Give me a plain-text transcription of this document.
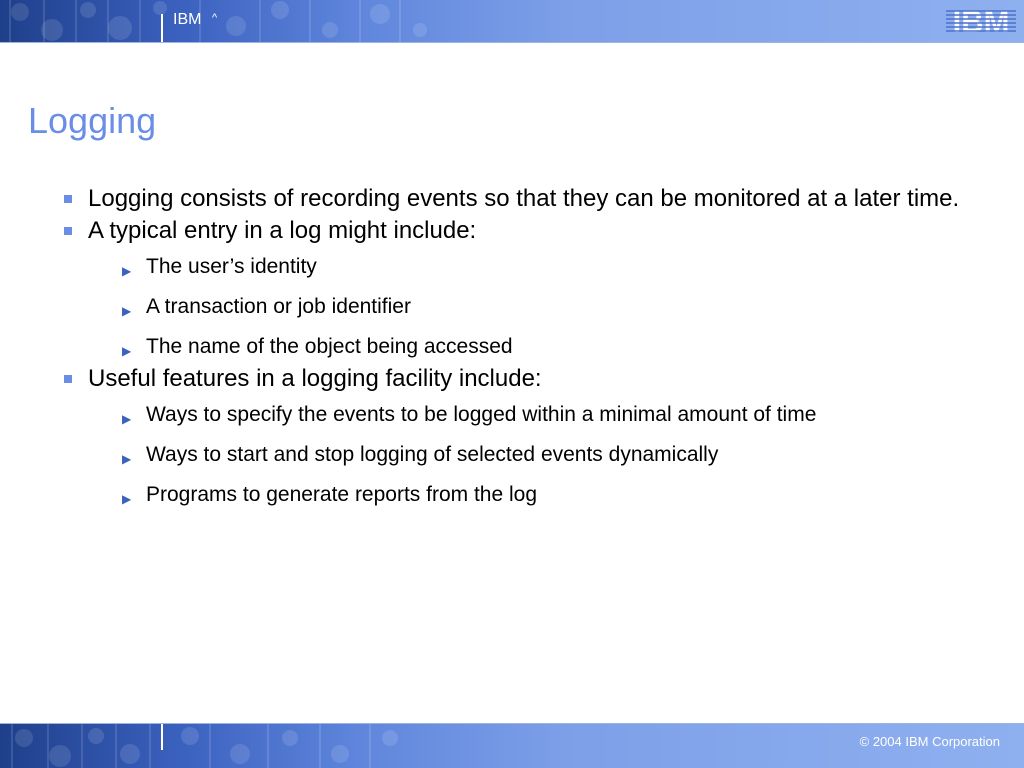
IBM ^	IBM
Logging
Logging consists of recording events so that they can be monitored at a later time.
A typical entry in a log might include:
▶ The user’s identity
▶ A transaction or job identifier
▶ The name of the object being accessed
Useful features in a logging facility include:
▶ Ways to specify the events to be logged within a minimal amount of time
▶ Ways to start and stop logging of selected events dynamically
▶ Programs to generate reports from the log
© 2004 IBM Corporation
